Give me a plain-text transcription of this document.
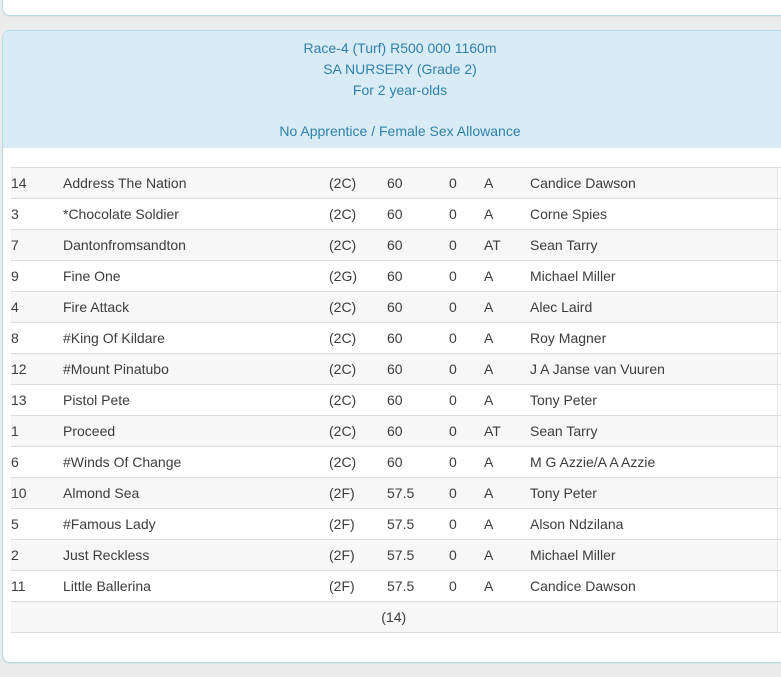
Race-4 (Turf) R500 000 1160m
SA NURSERY (Grade 2)
For 2 year-olds
No Apprentice / Female Sex Allowance
14	Address The Nation	(2C)	60	0	A	Candice Dawson	
3	*Chocolate Soldier	(2C)	60	0	A	Corne Spies	
7	Dantonfromsandton	(2C)	60	0	AT	Sean Tarry	
9	Fine One	(2G)	60	0	A	Michael Miller	
4	Fire Attack	(2C)	60	0	A	Alec Laird	
8	#King Of Kildare	(2C)	60	0	A	Roy Magner	
12	#Mount Pinatubo	(2C)	60	0	A	J A Janse van Vuuren	
13	Pistol Pete	(2C)	60	0	A	Tony Peter	
1	Proceed	(2C)	60	0	AT	Sean Tarry	
6	#Winds Of Change	(2C)	60	0	A	M G Azzie/A A Azzie	
10	Almond Sea	(2F)	57.5	0	A	Tony Peter	
5	#Famous Lady	(2F)	57.5	0	A	Alson Ndzilana	
2	Just Reckless	(2F)	57.5	0	A	Michael Miller	
11	Little Ballerina	(2F)	57.5	0	A	Candice Dawson	
(14)							
